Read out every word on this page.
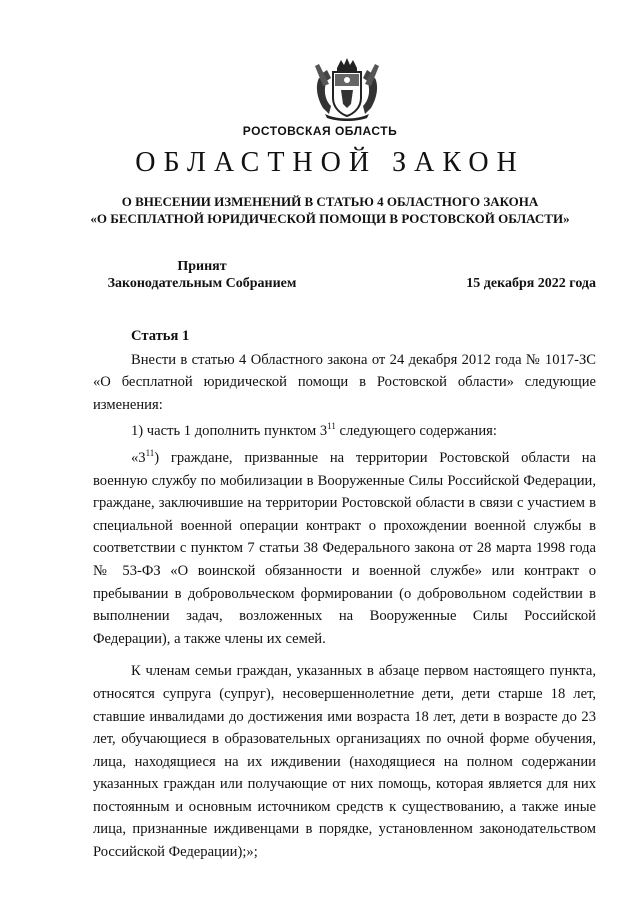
РОСТОВСКАЯ ОБЛАСТЬ
ОБЛАСТНОЙ ЗАКОН
О ВНЕСЕНИИ ИЗМЕНЕНИЙ В СТАТЬЮ 4 ОБЛАСТНОГО ЗАКОНА
«О БЕСПЛАТНОЙ ЮРИДИЧЕСКОЙ ПОМОЩИ В РОСТОВСКОЙ ОБЛАСТИ»
Принят
Законодательным Собранием	15 декабря 2022 года

Статья 1

Внести в статью 4 Областного закона от 24 декабря 2012 года № 1017-ЗС «О бесплатной юридической помощи в Ростовской области» следующие изменения:

1) часть 1 дополнить пунктом $3^{11}$ следующего содержания:

«$3^{11}$) граждане, призванные на территории Ростовской области на военную службу по мобилизации в Вооруженные Силы Российской Федерации, граждане, заключившие на территории Ростовской области в связи с участием в специальной военной операции контракт о прохождении военной службы в соответствии с пунктом 7 статьи 38 Федерального закона от 28 марта 1998 года № 53-ФЗ «О воинской обязанности и военной службе» или контракт о пребывании в добровольческом формировании (о добровольном содействии в выполнении задач, возложенных на Вооруженные Силы Российской Федерации), а также члены их семей.

К членам семьи граждан, указанных в абзаце первом настоящего пункта, относятся супруга (супруг), несовершеннолетние дети, дети старше 18 лет, ставшие инвалидами до достижения ими возраста 18 лет, дети в возрасте до 23 лет, обучающиеся в образовательных организациях по очной форме обучения, лица, находящиеся на их иждивении (находящиеся на полном содержании указанных граждан или получающие от них помощь, которая является для них постоянным и основным источником средств к существованию, а также иные лица, признанные иждивенцами в порядке, установленном законодательством Российской Федерации);»;
